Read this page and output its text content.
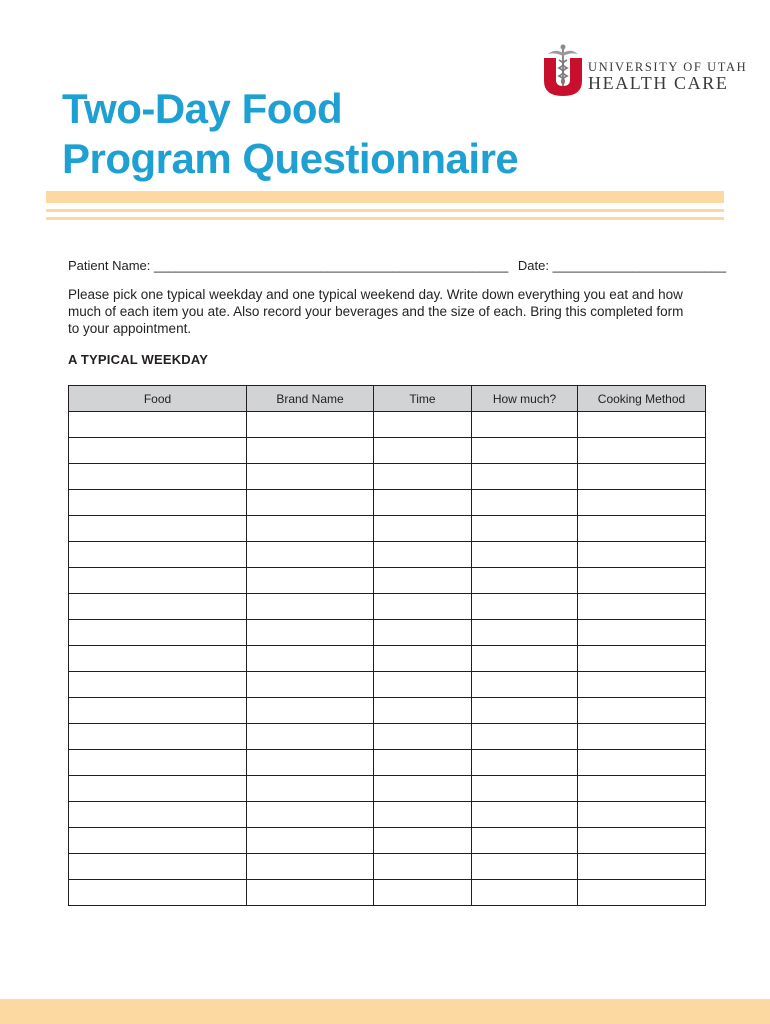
UNIVERSITY OF UTAH
HEALTH CARE
Two-Day Food
Program Questionnaire
Patient Name: _________________________________________________ Date: ________________________

Please pick one typical weekday and one typical weekend day. Write down everything you eat and how much of each item you ate. Also record your beverages and the size of each. Bring this completed form to your appointment.

A TYPICAL WEEKDAY
Food	Brand Name	Time	How much?	Cooking Method
